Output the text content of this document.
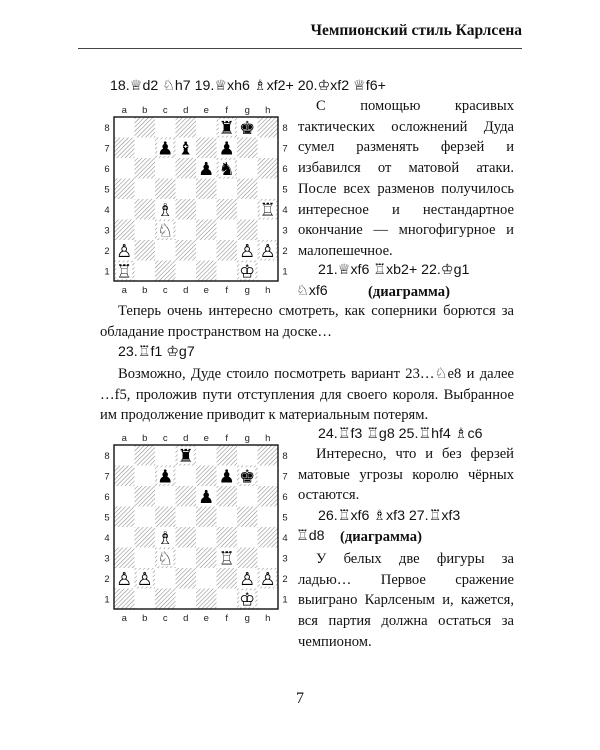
Чемпионский стиль Карлсена
18.♕d2 ♘h7 19.♕xh6 ♗xf2+ 20.♔xf2 ♕f6+
a
a
b
b
c
c
d
d
e
e
f
f
g
g
h
h
8	8
7	7
6	6
5	5
4	4
3	3
2	2
1	1
♜ ♚
♟ ♝ ♟
♟ ♞
♗	♖
♘
♙	♙ ♙
♖	♔
С помощью красивых тактических осложнений Дуда сумел разменять ферзей и избавился от матовой атаки. После всех разменов получилось интересное и нестандартное окончание — многофигурное и малопешечное.
21.♕xf6 ♖xb2+ 22.♔g1
♘xf6	(диаграмма)
Теперь очень интересно смотреть, как соперники борются за обладание пространством на доске…
23.♖f1 ♔g7
Возможно, Дуде стоило посмотреть вариант 23…♘e8 и далее …f5, проложив пути отступления для своего короля. Выбранное им продолжение приводит к материальным потерям.
24.♖f3 ♖g8 25.♖hf4 ♗c6
a
a
b
b
c
c
d
d
e
e
f
f
g
g
h
h
8	8
7	7
6	6
5	5
4	4
3	3
2	2
1	1
♜
♟	♟ ♚
♟
♗
♘	♖
♙ ♙	♙ ♙
♔
Интересно, что и без ферзей матовые угрозы королю чёрных остаются.
26.♖xf6 ♗xf3 27.♖xf3
♖d8 (диаграмма)
У белых две фигуры за ладью… Первое сражение выиграно Карлсеным и, кажется, вся партия должна остаться за чемпионом.
7
